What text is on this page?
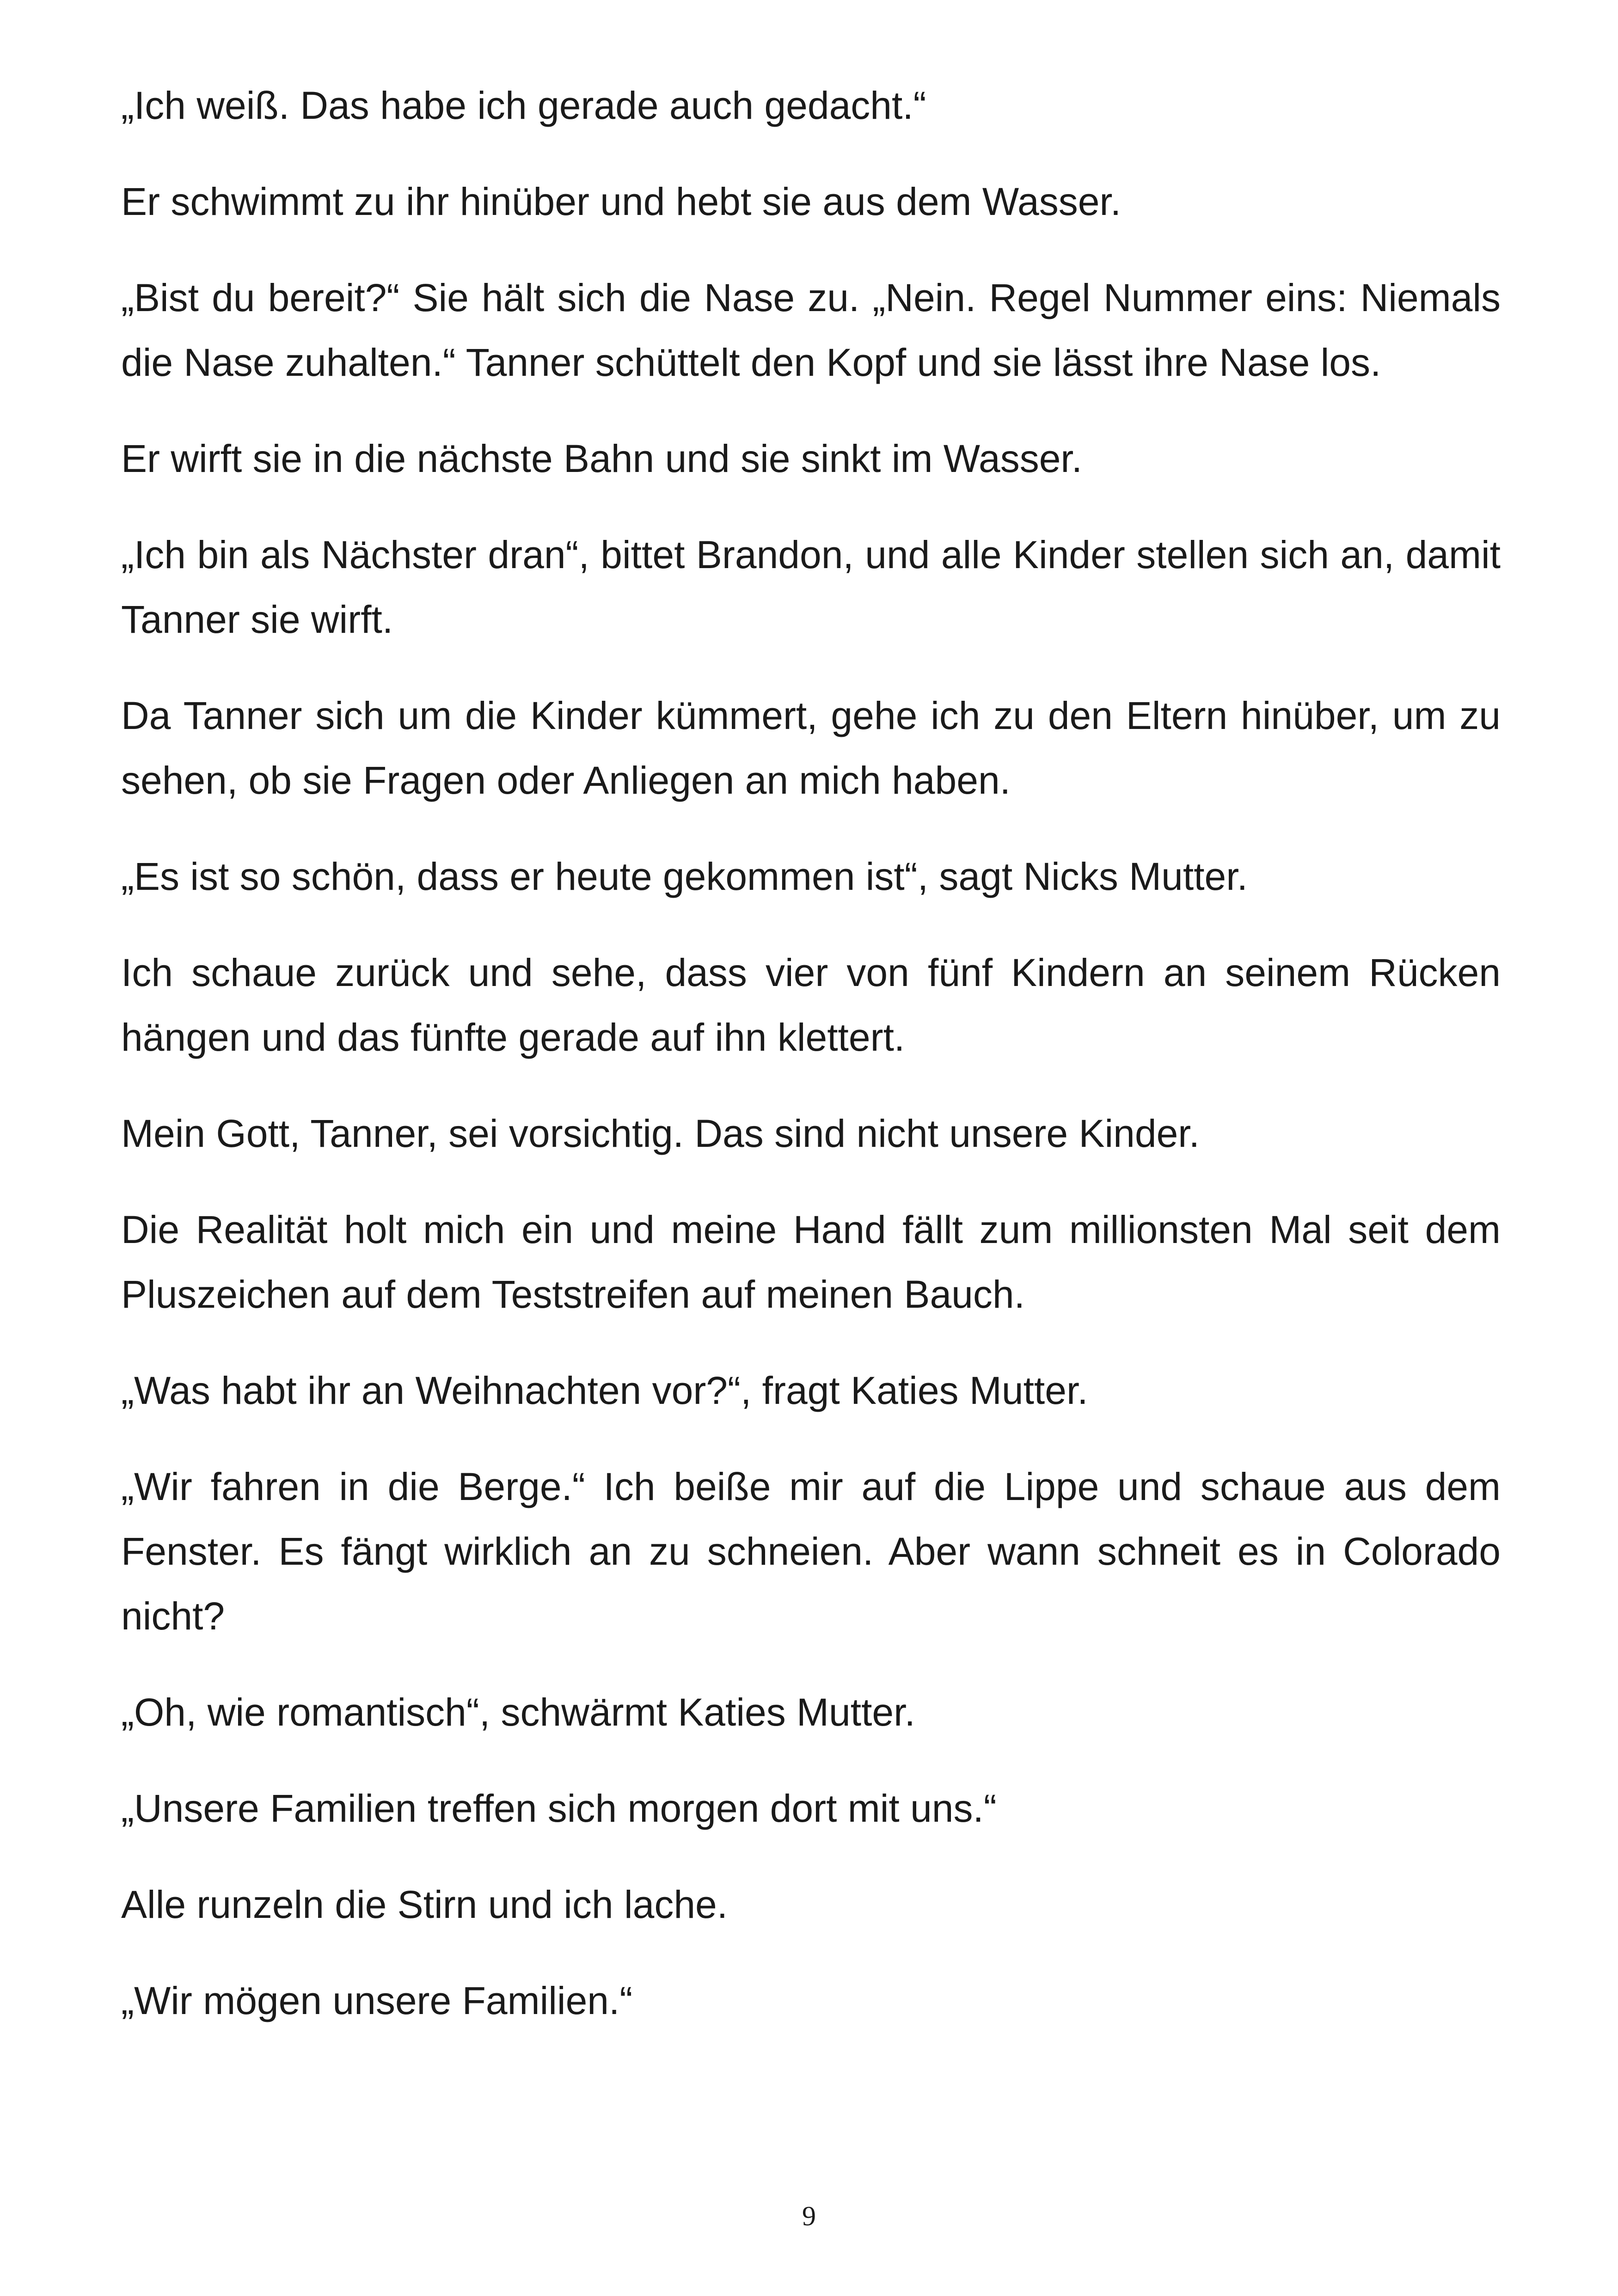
„Ich weiß. Das habe ich gerade auch gedacht.“

Er schwimmt zu ihr hinüber und hebt sie aus dem Wasser.

„Bist du bereit?“ Sie hält sich die Nase zu. „Nein. Regel Nummer eins: Niemals die Nase zuhalten.“ Tanner schüttelt den Kopf und sie lässt ihre Nase los.

Er wirft sie in die nächste Bahn und sie sinkt im Wasser.

„Ich bin als Nächster dran“, bittet Brandon, und alle Kinder stellen sich an, damit Tanner sie wirft.

Da Tanner sich um die Kinder kümmert, gehe ich zu den Eltern hinüber, um zu sehen, ob sie Fragen oder Anliegen an mich haben.

„Es ist so schön, dass er heute gekommen ist“, sagt Nicks Mutter.

Ich schaue zurück und sehe, dass vier von fünf Kindern an seinem Rücken hängen und das fünfte gerade auf ihn klettert.

Mein Gott, Tanner, sei vorsichtig. Das sind nicht unsere Kinder.

Die Realität holt mich ein und meine Hand fällt zum millionsten Mal seit dem Pluszeichen auf dem Teststreifen auf meinen Bauch.

„Was habt ihr an Weihnachten vor?“, fragt Katies Mutter.

„Wir fahren in die Berge.“ Ich beiße mir auf die Lippe und schaue aus dem Fenster. Es fängt wirklich an zu schneien. Aber wann schneit es in Colorado nicht?

„Oh, wie romantisch“, schwärmt Katies Mutter.

„Unsere Familien treffen sich morgen dort mit uns.“

Alle runzeln die Stirn und ich lache.

„Wir mögen unsere Familien.“

9
